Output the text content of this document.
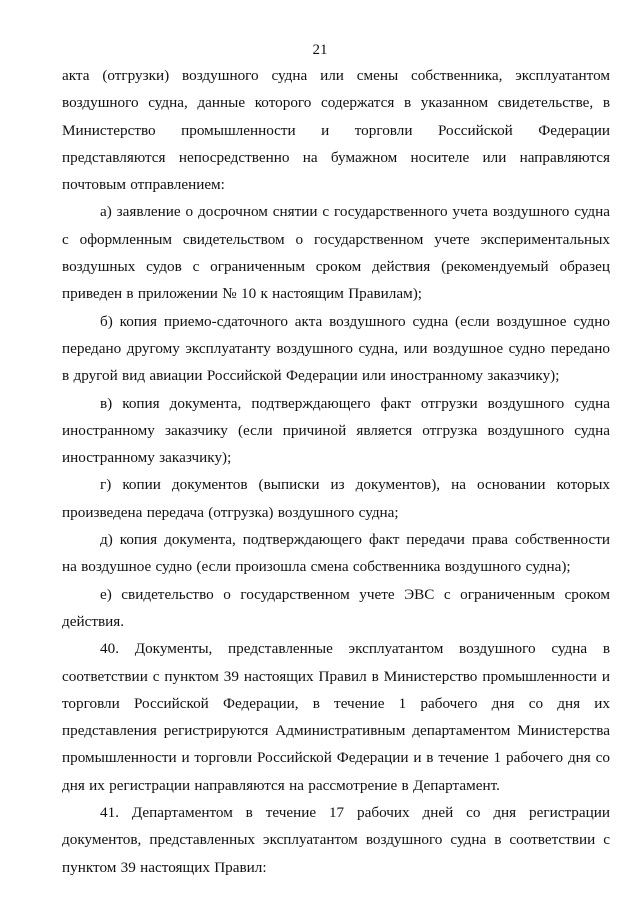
21

акта (отгрузки) воздушного судна или смены собственника, эксплуатантом воздушного судна, данные которого содержатся в указанном свидетельстве, в Министерство промышленности и торговли Российской Федерации представляются непосредственно на бумажном носителе или направляются почтовым отправлением:

а) заявление о досрочном снятии с государственного учета воздушного судна с оформленным свидетельством о государственном учете экспериментальных воздушных судов с ограниченным сроком действия (рекомендуемый образец приведен в приложении № 10 к настоящим Правилам);

б) копия приемо-сдаточного акта воздушного судна (если воздушное судно передано другому эксплуатанту воздушного судна, или воздушное судно передано в другой вид авиации Российской Федерации или иностранному заказчику);

в) копия документа, подтверждающего факт отгрузки воздушного судна иностранному заказчику (если причиной является отгрузка воздушного судна иностранному заказчику);

г) копии документов (выписки из документов), на основании которых произведена передача (отгрузка) воздушного судна;

д) копия документа, подтверждающего факт передачи права собственности на воздушное судно (если произошла смена собственника воздушного судна);

е) свидетельство о государственном учете ЭВС с ограниченным сроком действия.

40. Документы, представленные эксплуатантом воздушного судна в соответствии с пунктом 39 настоящих Правил в Министерство промышленности и торговли Российской Федерации, в течение 1 рабочего дня со дня их представления регистрируются Административным департаментом Министерства промышленности и торговли Российской Федерации и в течение 1 рабочего дня со дня их регистрации направляются на рассмотрение в Департамент.

41. Департаментом в течение 17 рабочих дней со дня регистрации документов, представленных эксплуатантом воздушного судна в соответствии с пунктом 39 настоящих Правил:
